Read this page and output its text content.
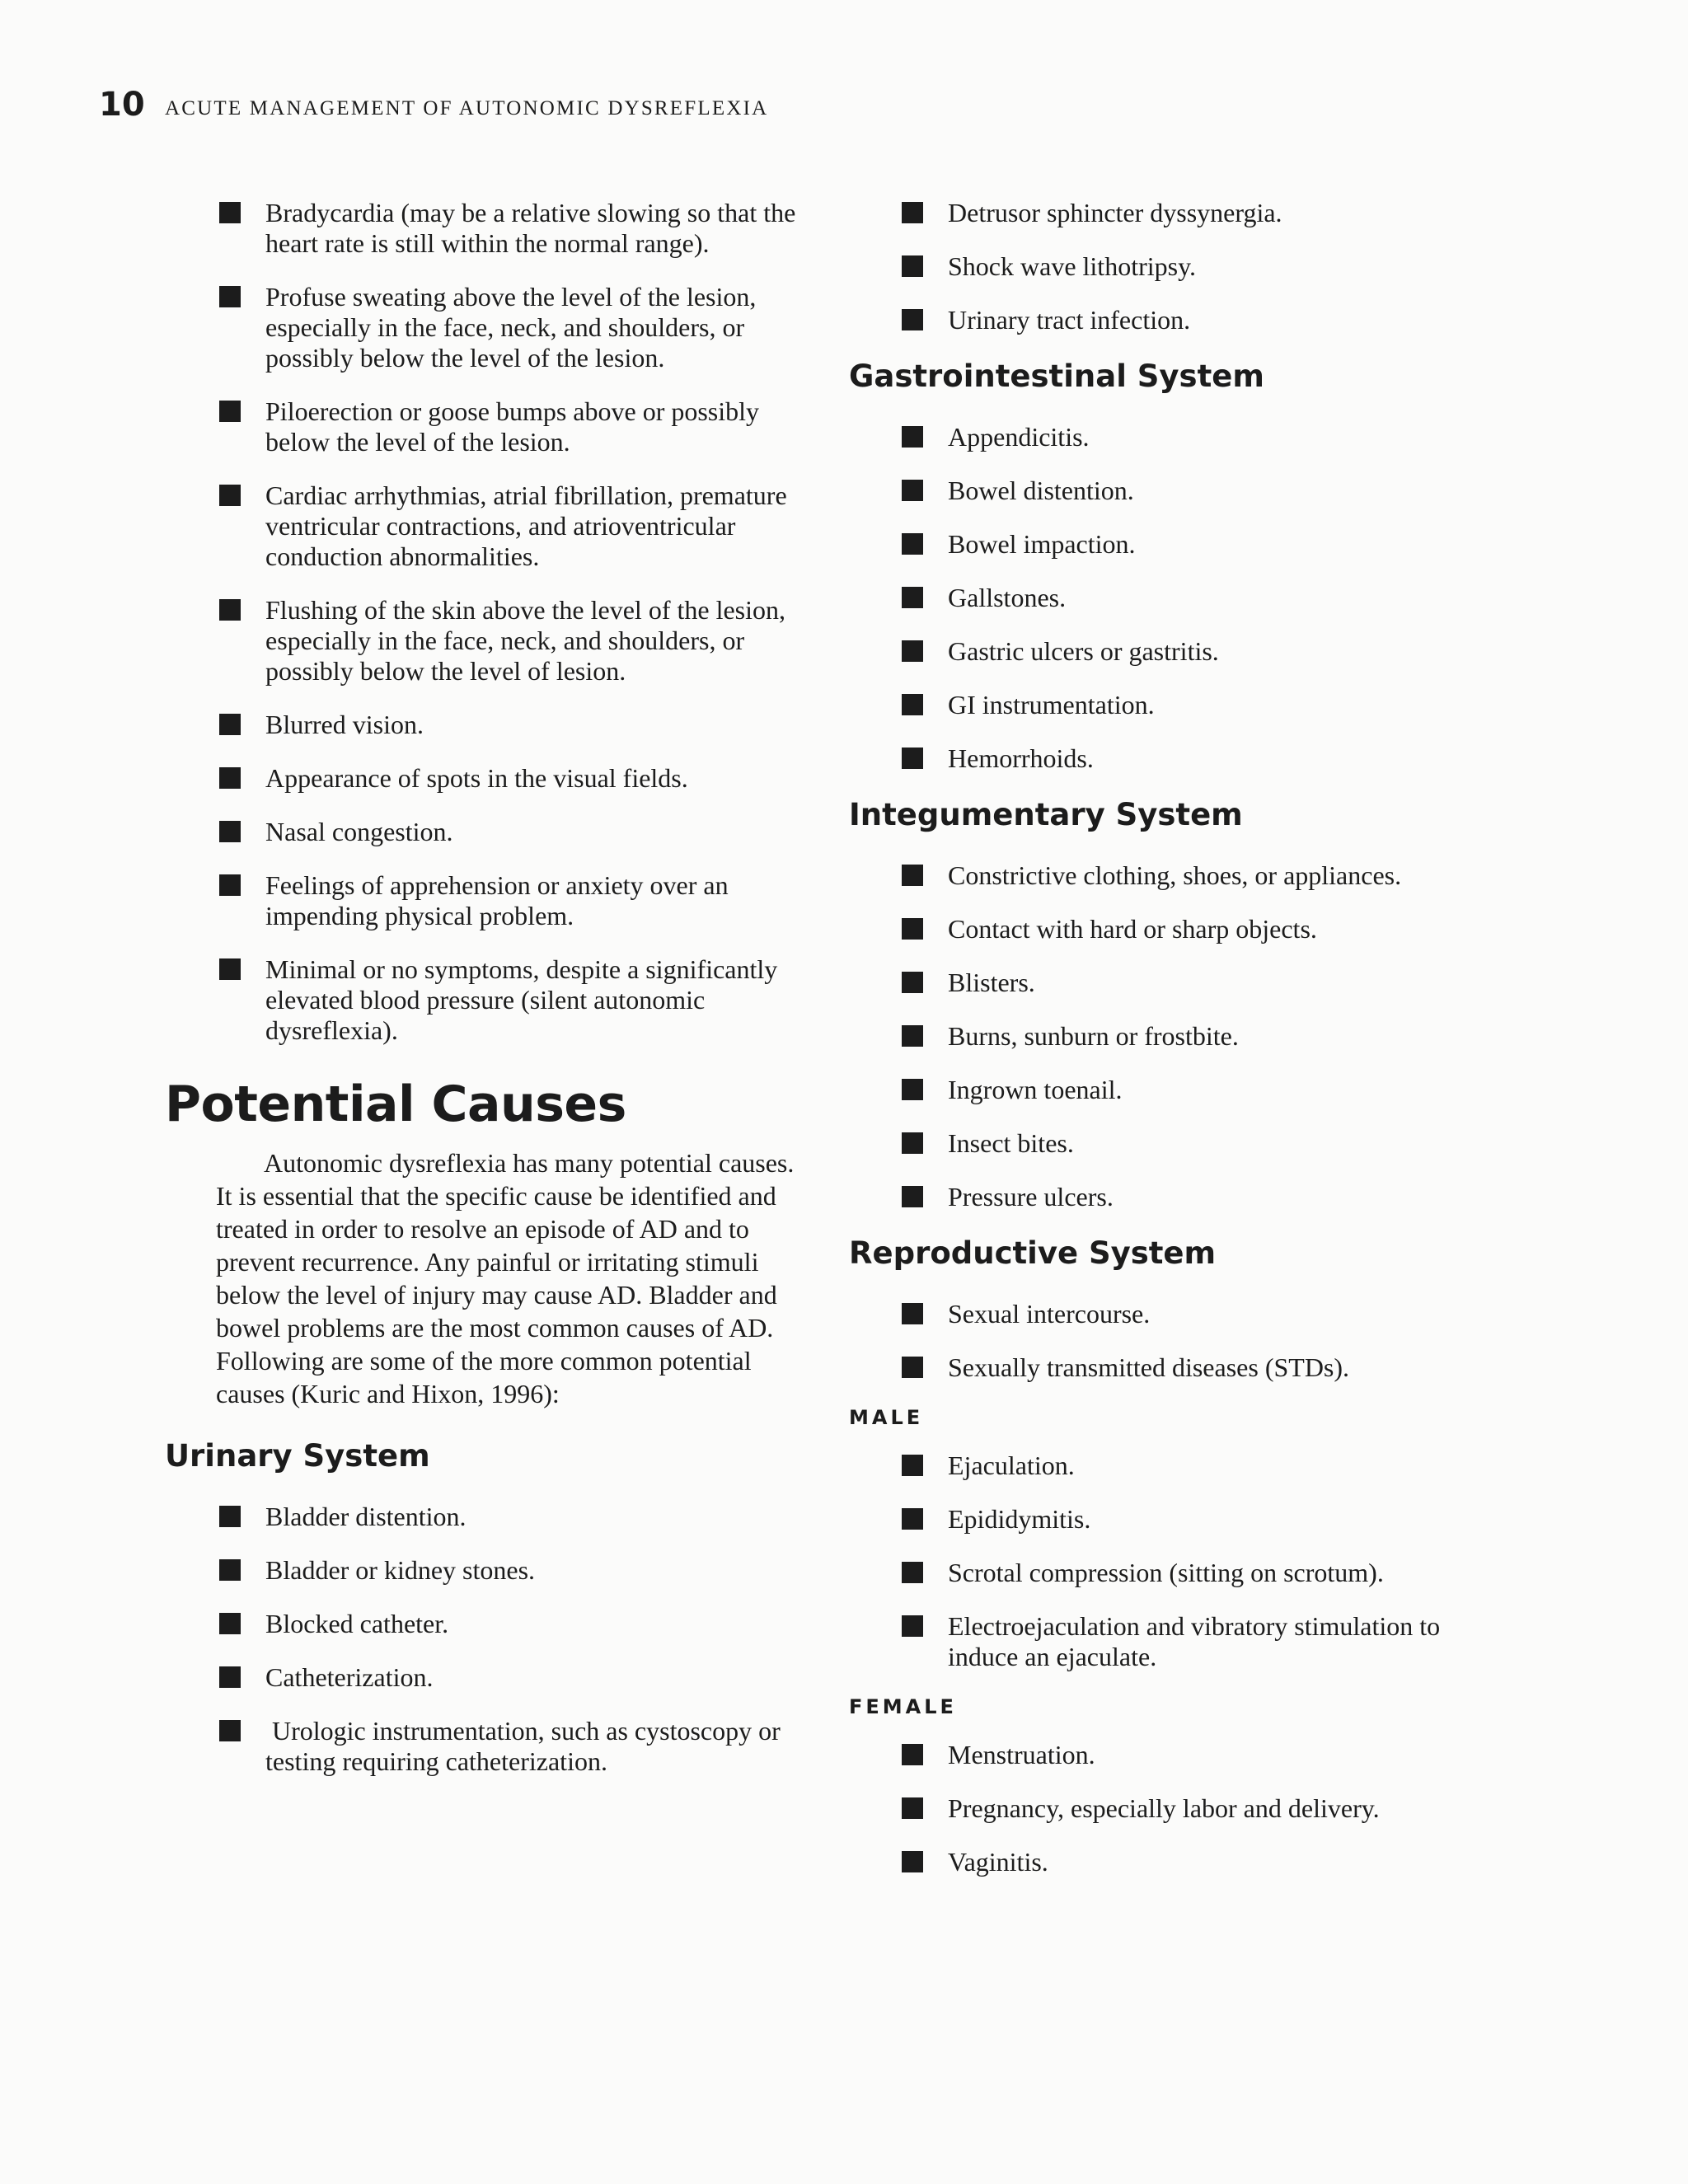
10 ACUTE MANAGEMENT OF AUTONOMIC DYSREFLEXIA
Bradycardia (may be a relative slowing so that the heart rate is still within the normal range).
Profuse sweating above the level of the lesion, especially in the face, neck, and shoulders, or possibly below the level of the lesion.
Piloerection or goose bumps above or possibly below the level of the lesion.
Cardiac arrhythmias, atrial fibrillation, premature ventricular contractions, and atrioventricular conduction abnormalities.
Flushing of the skin above the level of the lesion, especially in the face, neck, and shoulders, or possibly below the level of lesion.
Blurred vision.
Appearance of spots in the visual fields.
Nasal congestion.
Feelings of apprehension or anxiety over an impending physical problem.
Minimal or no symptoms, despite a significantly elevated blood pressure (silent autonomic dysreflexia).
Potential Causes

Autonomic dysreflexia has many potential causes. It is essential that the specific cause be identified and treated in order to resolve an episode of AD and to prevent recurrence. Any painful or irritating stimuli below the level of injury may cause AD. Bladder and bowel problems are the most common causes of AD. Following are some of the more common potential causes (Kuric and Hixon, 1996):

Urinary System
Bladder distention.
Bladder or kidney stones.
Blocked catheter.
Catheterization.
Urologic instrumentation, such as cystoscopy or testing requiring catheterization.
Detrusor sphincter dyssynergia.
Shock wave lithotripsy.
Urinary tract infection.
Gastrointestinal System
Appendicitis.
Bowel distention.
Bowel impaction.
Gallstones.
Gastric ulcers or gastritis.
GI instrumentation.
Hemorrhoids.
Integumentary System
Constrictive clothing, shoes, or appliances.
Contact with hard or sharp objects.
Blisters.
Burns, sunburn or frostbite.
Ingrown toenail.
Insect bites.
Pressure ulcers.
Reproductive System
Sexual intercourse.
Sexually transmitted diseases (STDs).
MALE
Ejaculation.
Epididymitis.
Scrotal compression (sitting on scrotum).
Electroejaculation and vibratory stimulation to induce an ejaculate.
FEMALE
Menstruation.
Pregnancy, especially labor and delivery.
Vaginitis.
